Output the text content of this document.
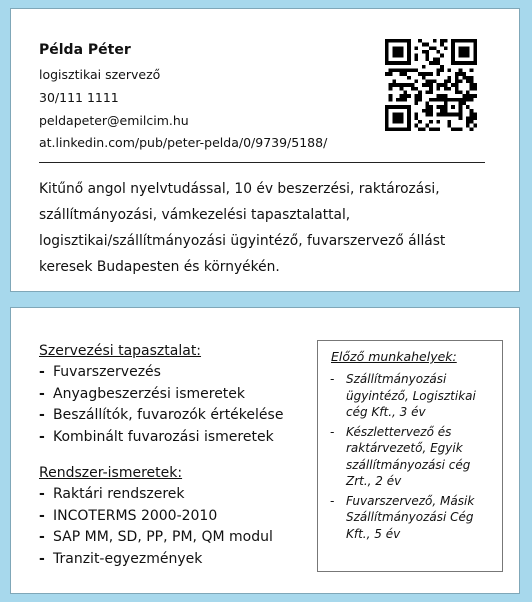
Példa Péter
logisztikai szervező
30/111 1111
peldapeter@emilcim.hu
at.linkedin.com/pub/peter-pelda/0/9739/5188/
Kitűnő angol nyelvtudással, 10 év beszerzési, raktározási, szállítmányozási, vámkezelési tapasztalattal, logisztikai/szállítmányozási ügyintéző, fuvarszervező állást keresek Budapesten és környékén.
Szervezési tapasztalat:
- Fuvarszervezés
- Anyagbeszerzési ismeretek
- Beszállítók, fuvarozók értékelése
- Kombinált fuvarozási ismeretek
Rendszer-ismeretek:
- Raktári rendszerek
- INCOTERMS 2000-2010
- SAP MM, SD, PP, PM, QM modul
- Tranzit-egyezmények
Előző munkahelyek:
- Szállítmányozási ügyintéző, Logisztikai cég Kft., 3 év
- Készlettervező és raktárvezető, Egyik szállítmányozási cég Zrt., 2 év
- Fuvarszervező, Másik Szállítmányozási Cég Kft., 5 év
